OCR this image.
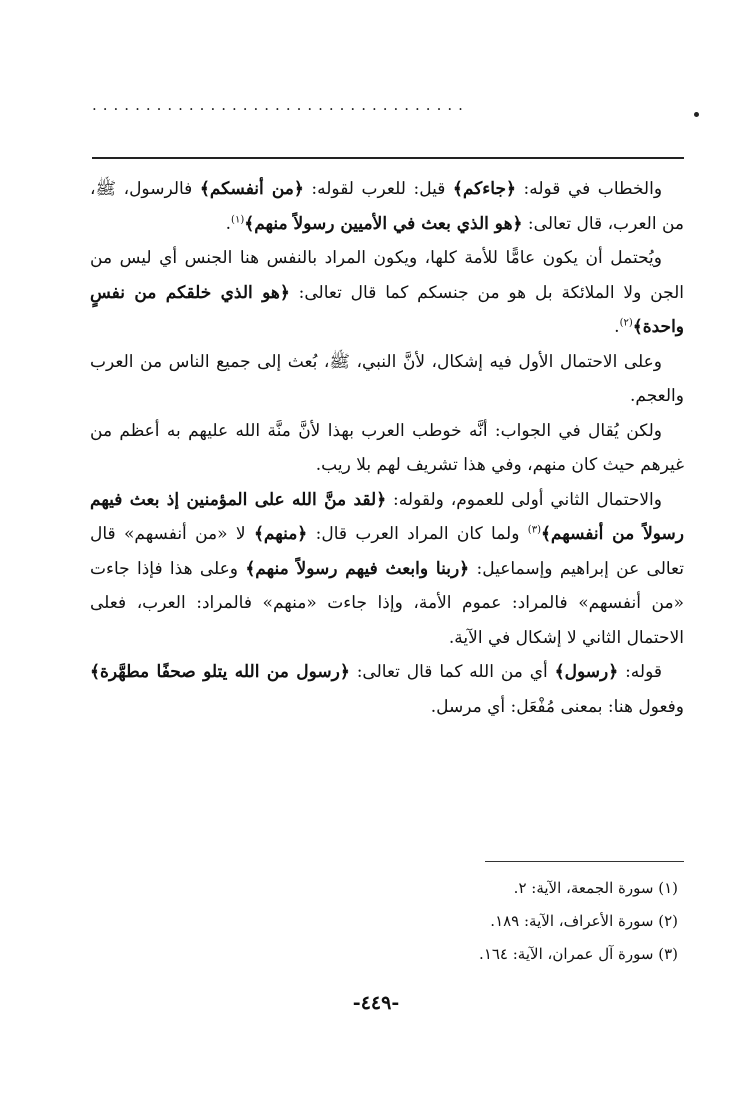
...................................

والخطاب في قوله: ﴿جاءكم﴾ قيل: للعرب لقوله: ﴿من أنفسكم﴾ فالرسول، ﷺ، من العرب، قال تعالى: ﴿هو الذي بعث في الأميين رسولاً منهم﴾$^{(١)}$.

ويُحتمل أن يكون عامًّا للأمة كلها، ويكون المراد بالنفس هنا الجنس أي ليس من الجن ولا الملائكة بل هو من جنسكم كما قال تعالى: ﴿هو الذي خلقكم من نفسٍ واحدة﴾$^{(٢)}$.

وعلى الاحتمال الأول فيه إشكال، لأنَّ النبي، ﷺ، بُعث إلى جميع الناس من العرب والعجم.

ولكن يُقال في الجواب: أنَّه خوطب العرب بهذا لأنَّ منَّة الله عليهم به أعظم من غيرهم حيث كان منهم، وفي هذا تشريف لهم بلا ريب.

والاحتمال الثاني أولى للعموم، ولقوله: ﴿لقد منَّ الله على المؤمنين إذ بعث فيهم رسولاً من أنفسهم﴾$^{(٣)}$ ولما كان المراد العرب قال: ﴿منهم﴾ لا «من أنفسهم» قال تعالى عن إبراهيم وإسماعيل: ﴿ربنا وابعث فيهم رسولاً منهم﴾ وعلى هذا فإذا جاءت «من أنفسهم» فالمراد: عموم الأمة، وإذا جاءت «منهم» فالمراد: العرب، فعلى الاحتمال الثاني لا إشكال في الآية.

قوله: ﴿رسول﴾ أي من الله كما قال تعالى: ﴿رسول من الله يتلو صحفًا مطهَّرة﴾ وفعول هنا: بمعنى مُفْعَل: أي مرسل.

(١) سورة الجمعة، الآية: ٢.
(٢) سورة الأعراف، الآية: ١٨٩.
(٣) سورة آل عمران، الآية: ١٦٤.
-٤٤٩-
